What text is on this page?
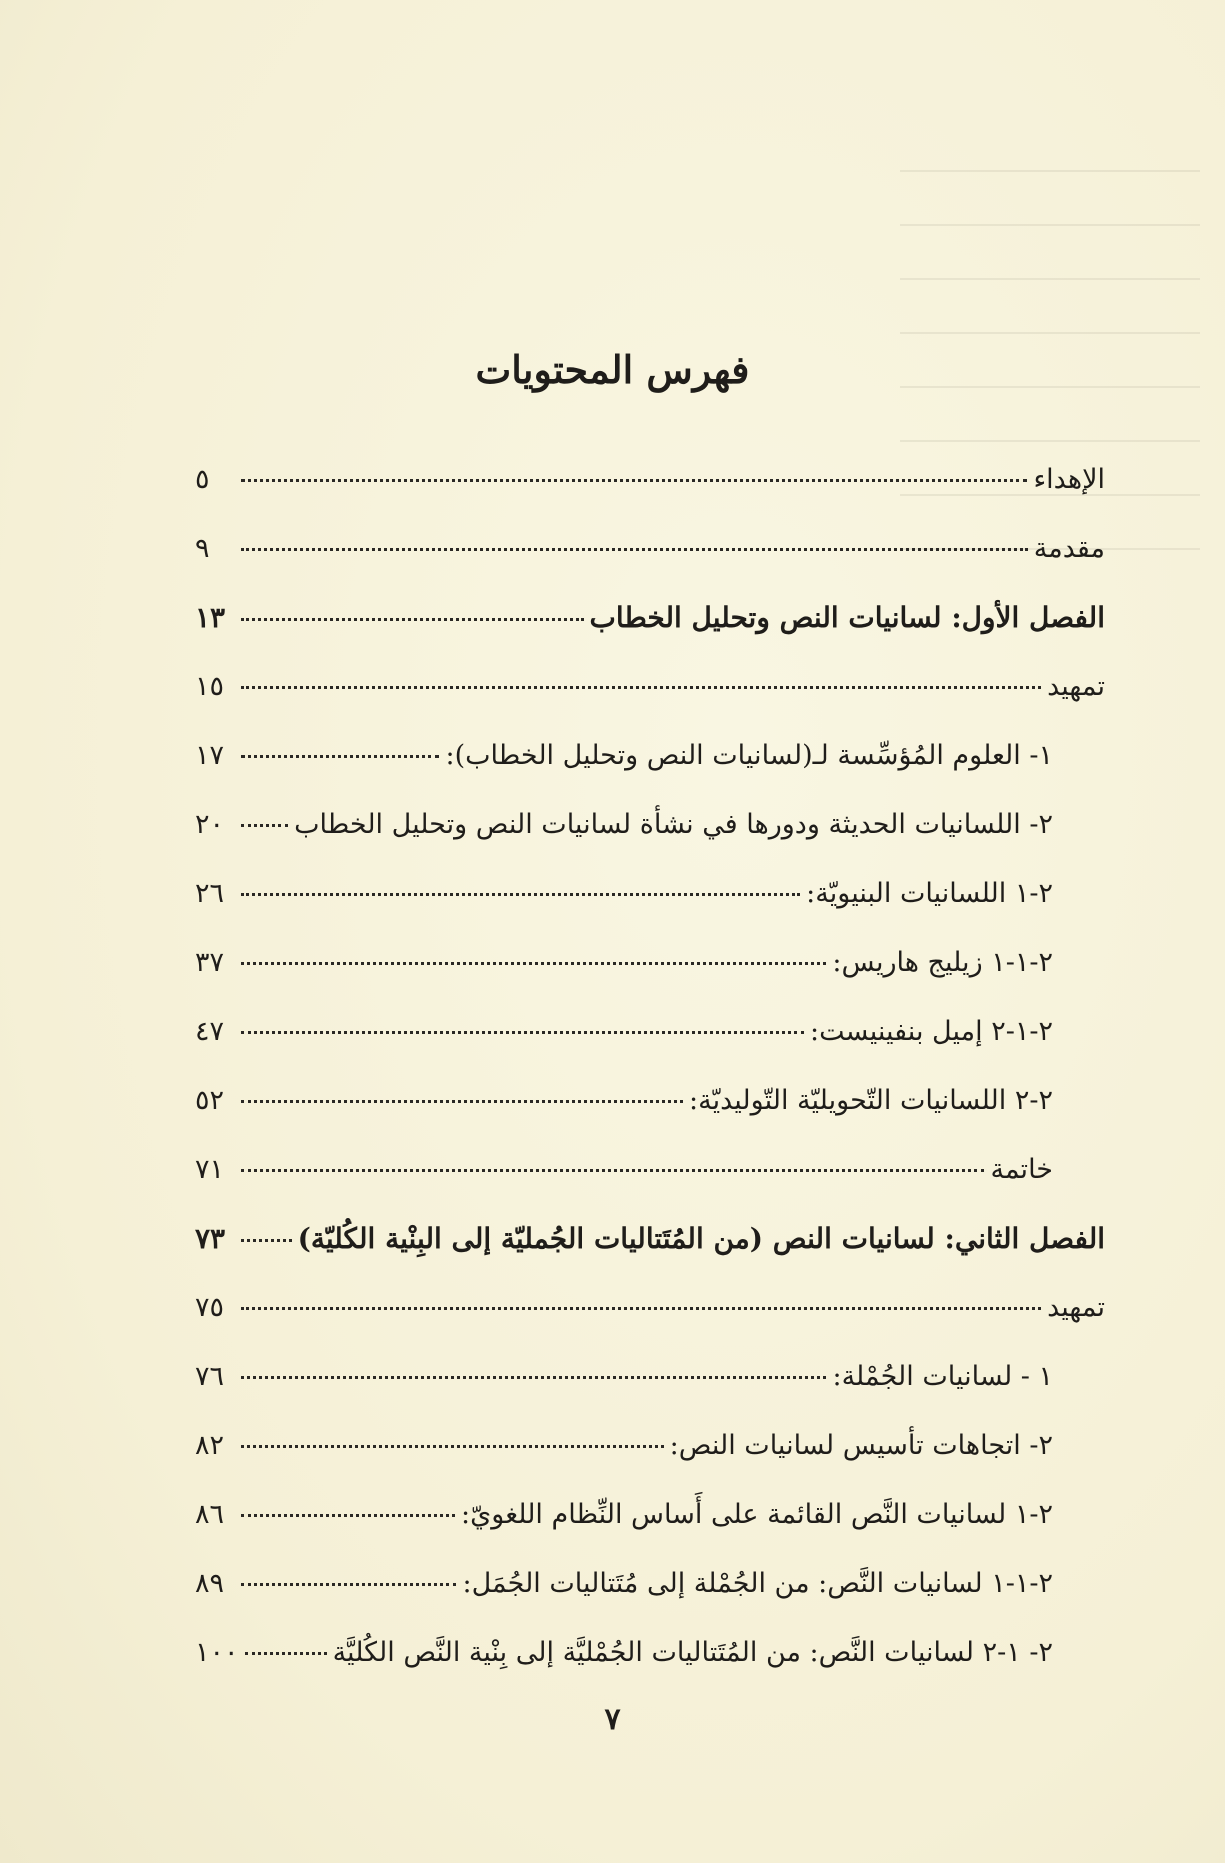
فهرس المحتويات
الإهداء
٥
مقدمة
٩
الفصل الأول: لسانيات النص وتحليل الخطاب
١٣
تمهيد
١٥
١- العلوم المُؤسِّسة لـ(لسانيات النص وتحليل الخطاب):
١٧
٢- اللسانيات الحديثة ودورها في نشأة لسانيات النص وتحليل الخطاب
٢٠
٢-١ اللسانيات البنيويّة:
٢٦
٢-١-١ زيليج هاريس:
٣٧
٢-١-٢ إميل بنفينيست:
٤٧
٢-٢ اللسانيات التّحويليّة التّوليديّة:
٥٢
خاتمة
٧١
الفصل الثاني: لسانيات النص (من المُتَتاليات الجُمليّة إلى البِنْية الكُليّة)
٧٣
تمهيد
٧٥
١ - لسانيات الجُمْلة:
٧٦
٢- اتجاهات تأسيس لسانيات النص:
٨٢
٢-١ لسانيات النَّص القائمة على أَساس النِّظام اللغويّ:
٨٦
٢-١-١ لسانيات النَّص: من الجُمْلة إلى مُتَتاليات الجُمَل:
٨٩
٢- ١-٢ لسانيات النَّص: من المُتَتاليات الجُمْليَّة إلى بِنْية النَّص الكُليَّة
١٠٠
٧
